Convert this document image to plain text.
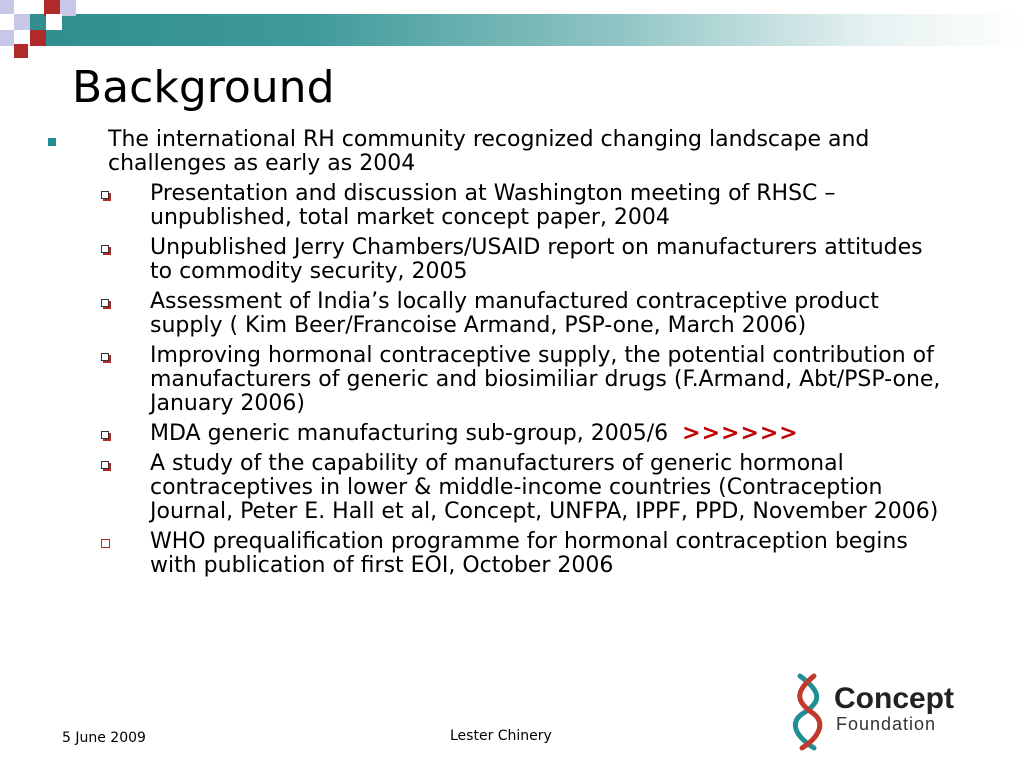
Background
The international RH community recognized changing landscape and challenges as early as 2004
Presentation and discussion at Washington meeting of RHSC – unpublished, total market concept paper, 2004
Unpublished Jerry Chambers/USAID report on manufacturers attitudes to commodity security, 2005
Assessment of India’s locally manufactured contraceptive product supply ( Kim Beer/Francoise Armand, PSP-one, March 2006)
Improving hormonal contraceptive supply, the potential contribution of manufacturers of generic and biosimiliar drugs (F.Armand, Abt/PSP-one, January 2006)
MDA generic manufacturing sub-group, 2005/6 >>>>>>
A study of the capability of manufacturers of generic hormonal contraceptives in lower & middle-income countries (Contraception Journal, Peter E. Hall et al, Concept, UNFPA, IPPF, PPD, November 2006)
WHO prequalification programme for hormonal contraception begins with publication of first EOI, October 2006
5 June 2009	Lester Chinery
Concept
Foundation
